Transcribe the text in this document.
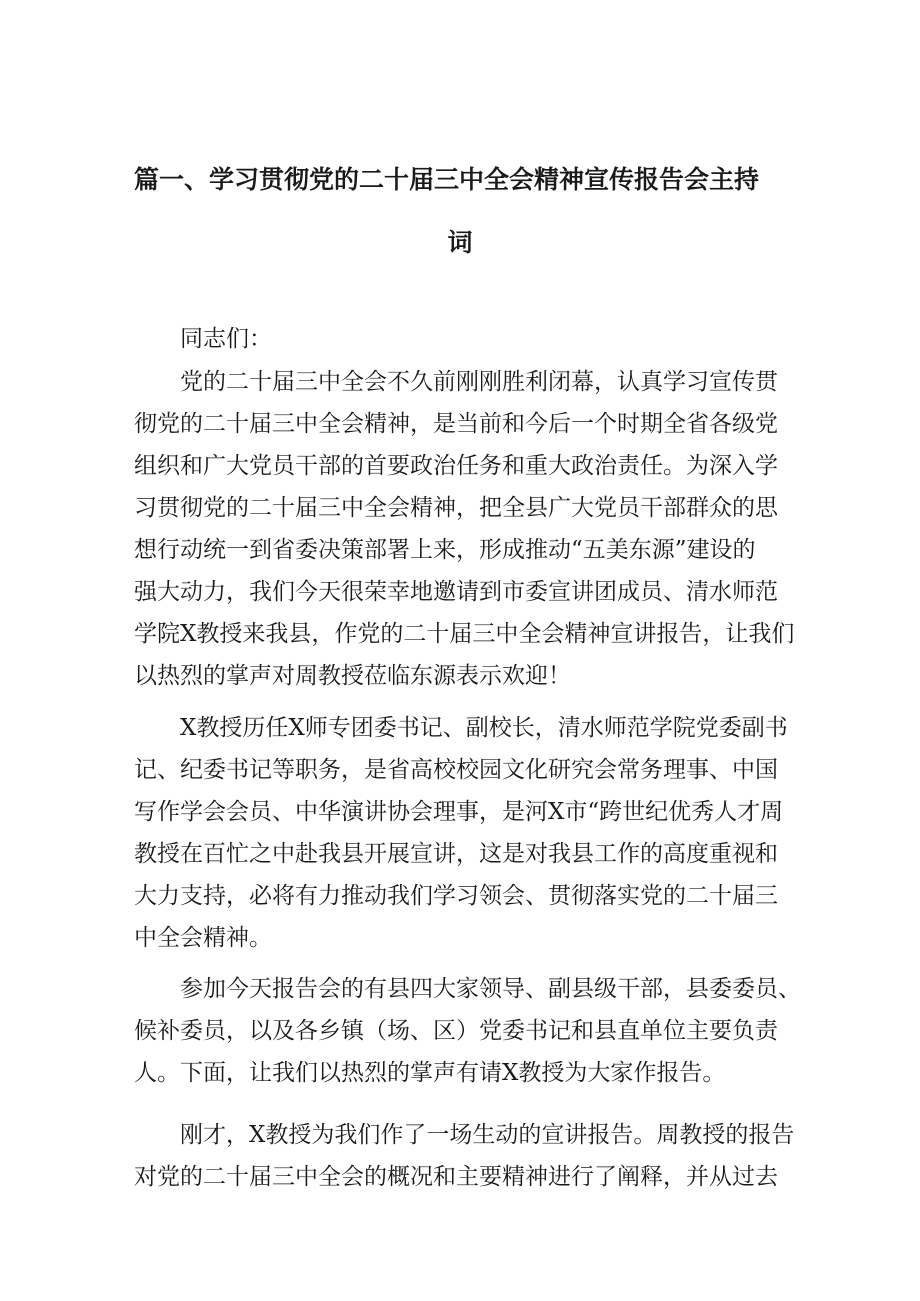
篇一、学习贯彻党的二十届三中全会精神宣传报告会主持
词

同志们：

党的二十届三中全会不久前刚刚胜利闭幕，认真学习宣传贯

彻党的二十届三中全会精神，是当前和今后一个时期全省各级党

组织和广大党员干部的首要政治任务和重大政治责任。为深入学

习贯彻党的二十届三中全会精神，把全县广大党员干部群众的思

想行动统一到省委决策部署上来，形成推动“五美东源”建设的

强大动力，我们今天很荣幸地邀请到市委宣讲团成员、清水师范

学院X教授来我县，作党的二十届三中全会精神宣讲报告，让我们

以热烈的掌声对周教授莅临东源表示欢迎！

X教授历任X师专团委书记、副校长，清水师范学院党委副书

记、纪委书记等职务，是省高校校园文化研究会常务理事、中国

写作学会会员、中华演讲协会理事，是河X市“跨世纪优秀人才周

教授在百忙之中赴我县开展宣讲，这是对我县工作的高度重视和

大力支持，必将有力推动我们学习领会、贯彻落实党的二十届三

中全会精神。

参加今天报告会的有县四大家领导、副县级干部，县委委员、

候补委员，以及各乡镇（场、区）党委书记和县直单位主要负责

人。下面，让我们以热烈的掌声有请X教授为大家作报告。

刚才，X教授为我们作了一场生动的宣讲报告。周教授的报告

对党的二十届三中全会的概况和主要精神进行了阐释，并从过去
